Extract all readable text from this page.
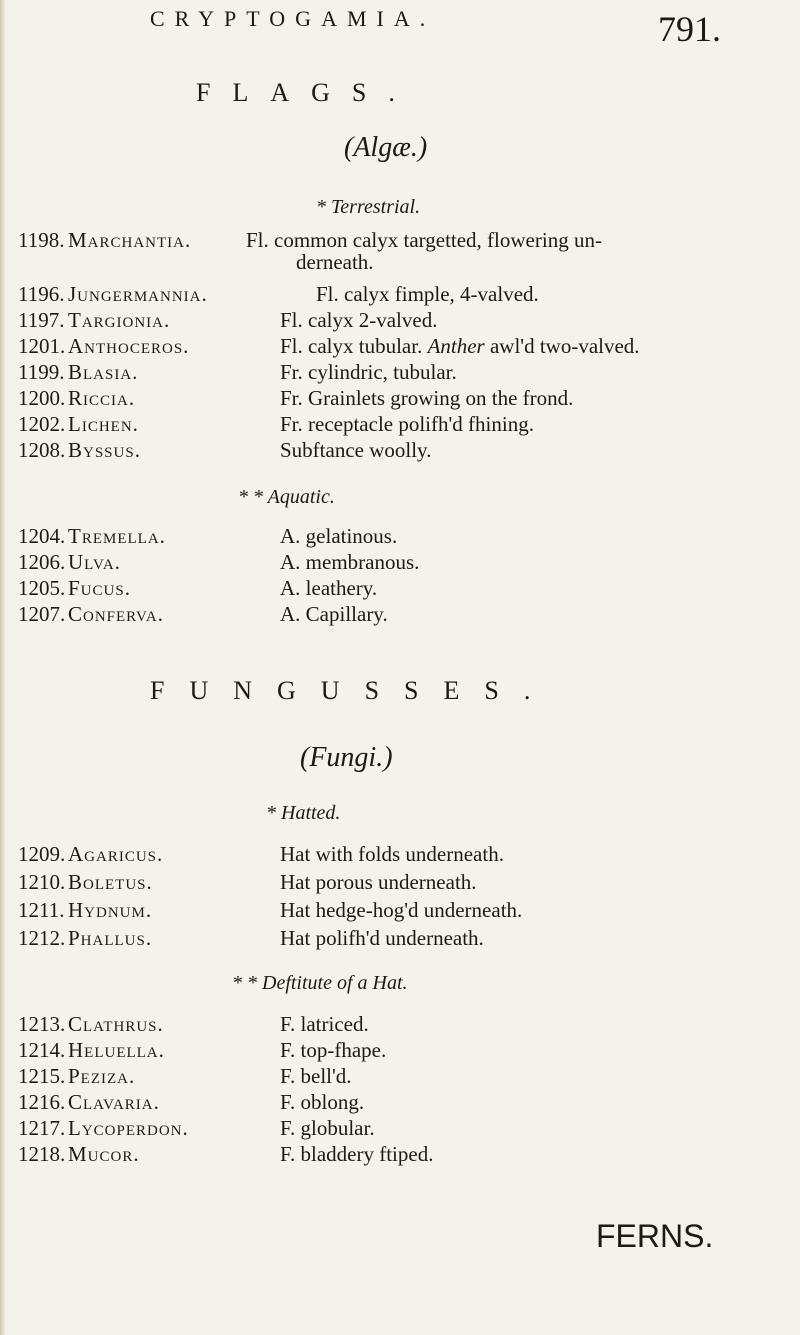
CRYPTOGAMIA.	791.
FLAGS.
(Algæ.)
* Terrestrial.
1198. Marchantia.	Fl. common calyx targetted, flowering un-
derneath.
1196. Jungermannia.	Fl. calyx fimple, 4-valved.
1197. Targionia.	Fl. calyx 2-valved.
1201. Anthoceros.	Fl. calyx tubular. Anther awl'd two-valved.
1199. Blasia.	Fr. cylindric, tubular.
1200. Riccia.	Fr. Grainlets growing on the frond.
1202. Lichen.	Fr. receptacle polifh'd fhining.
1208. Byssus.	Subftance woolly.
* * Aquatic.
1204. Tremella.	A. gelatinous.
1206. Ulva.	A. membranous.
1205. Fucus.	A. leathery.
1207. Conferva.	A. Capillary.
FUNGUSSES.
(Fungi.)
* Hatted.
1209. Agaricus.	Hat with folds underneath.
1210. Boletus.	Hat porous underneath.
1211. Hydnum.	Hat hedge-hog'd underneath.
1212. Phallus.	Hat polifh'd underneath.
* * Deftitute of a Hat.
1213. Clathrus.	F. latriced.
1214. Heluella.	F. top-fhape.
1215. Peziza.	F. bell'd.
1216. Clavaria.	F. oblong.
1217. Lycoperdon.	F. globular.
1218. Mucor.	F. bladdery ftiped.
FERNS.
